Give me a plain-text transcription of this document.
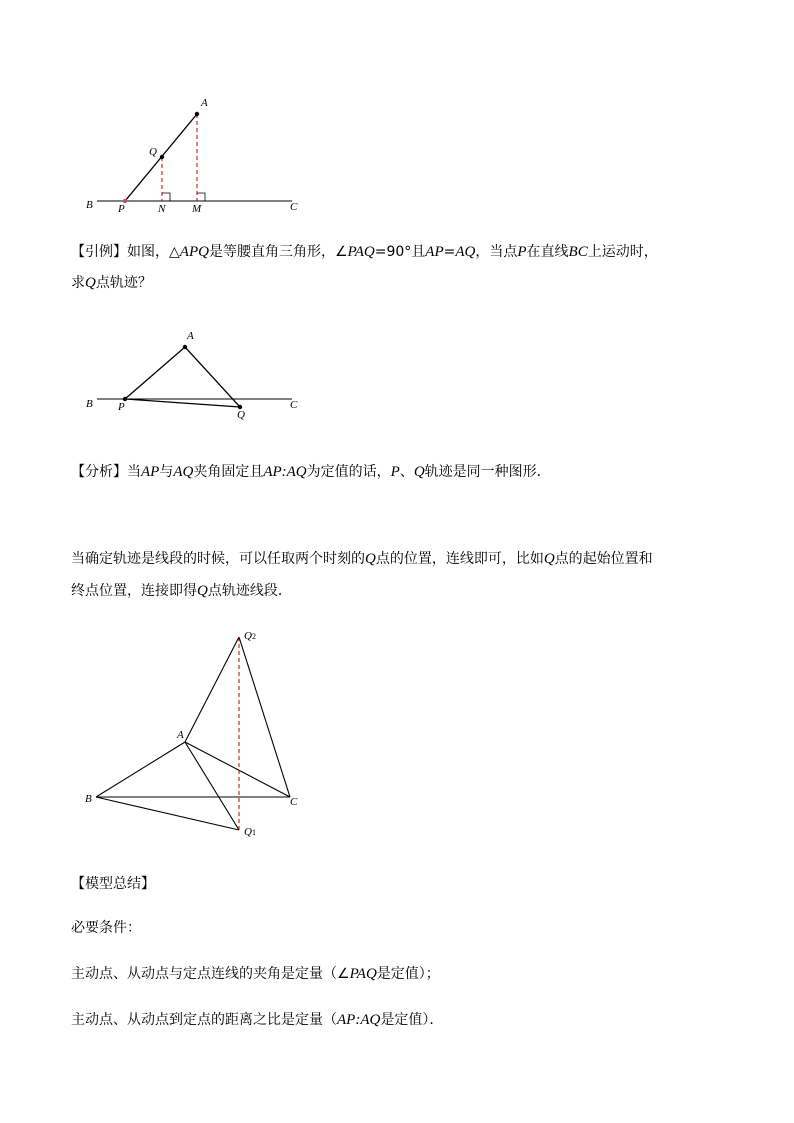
A
Q
B P	N M	C
【引例】如图，△APQ是等腰直角三角形，∠PAQ=90°且AP=AQ，当点P在直线BC上运动时，
求Q点轨迹？
A
B P
Q
C
【分析】当AP与AQ夹角固定且AP:AQ为定值的话，P、Q轨迹是同一种图形．
当确定轨迹是线段的时候，可以任取两个时刻的Q点的位置，连线即可，比如Q点的起始位置和
终点位置，连接即得Q点轨迹线段．
Q2
A
B	C
Q1
【模型总结】
必要条件：
主动点、从动点与定点连线的夹角是定量（∠PAQ是定值）；
主动点、从动点到定点的距离之比是定量（AP:AQ是定值）．
